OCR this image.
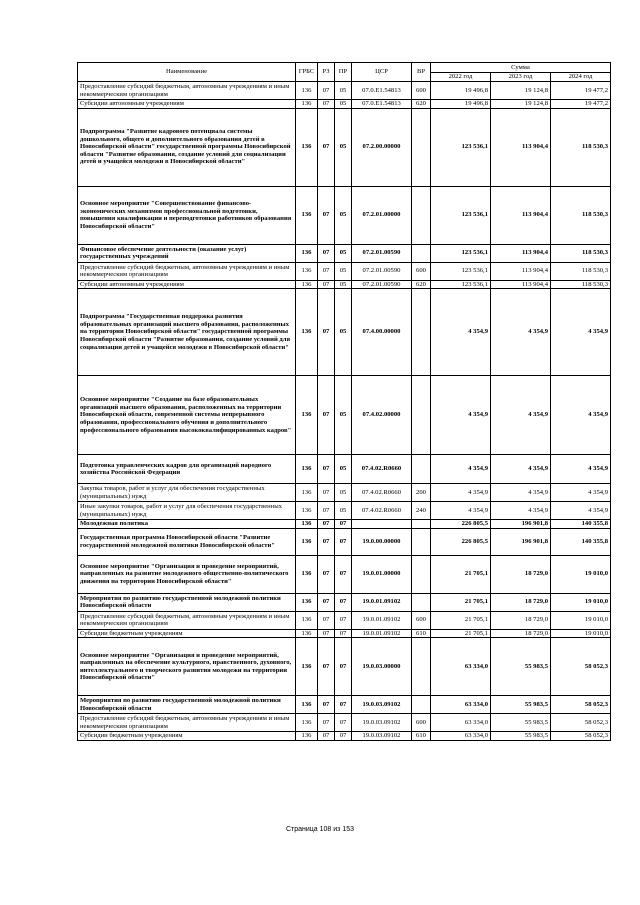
Наименование	ГРБС	РЗ	ПР	ЦСР	ВР	Сумма		
						2022 год	2023 год	2024 год
Предоставление субсидий бюджетным, автономным учреждениям и иным некоммерческим организациям	136	07	05	07.0.E1.54813	600	19 496,8	19 124,8	19 477,2
Субсидии автономным учреждениям	136	07	05	07.0.E1.54813	620	19 496,8	19 124,8	19 477,2
Подпрограмма "Развитие кадрового потенциала системы дошкольного, общего и дополнительного образования детей в Новосибирской области" государственной программы Новосибирской области "Развитие образования, создание условий для социализации детей и учащейся молодежи в Новосибирской области"	136	07	05	07.2.00.00000		123 536,1	113 904,4	118 530,3
Основное мероприятие "Совершенствование финансово-экономических механизмов профессиональной подготовки, повышения квалификации и переподготовки работников образования Новосибирской области"	136	07	05	07.2.01.00000		123 536,1	113 904,4	118 530,3
Финансовое обеспечение деятельности (оказание услуг) государственных учреждений	136	07	05	07.2.01.00590		123 536,1	113 904,4	118 530,3
Предоставление субсидий бюджетным, автономным учреждениям и иным некоммерческим организациям	136	07	05	07.2.01.00590	600	123 536,1	113 904,4	118 530,3
Субсидии автономным учреждениям	136	07	05	07.2.01.00590	620	123 536,1	113 904,4	118 530,3
Подпрограмма "Государственная поддержка развития образовательных организаций высшего образования, расположенных на территории Новосибирской области" государственной программы Новосибирской области "Развитие образования, создание условий для социализации детей и учащейся молодежи в Новосибирской области"	136	07	05	07.4.00.00000		4 354,9	4 354,9	4 354,9
Основное мероприятие "Создание на базе образовательных организаций высшего образования, расположенных на территории Новосибирской области, современной системы непрерывного образования, профессионального обучения и дополнительного профессионального образования высококвалифицированных кадров"	136	07	05	07.4.02.00000		4 354,9	4 354,9	4 354,9
Подготовка управленческих кадров для организаций народного хозяйства Российской Федерации	136	07	05	07.4.02.R0660		4 354,9	4 354,9	4 354,9
Закупка товаров, работ и услуг для обеспечения государственных (муниципальных) нужд	136	07	05	07.4.02.R0660	200	4 354,9	4 354,9	4 354,9
Иные закупки товаров, работ и услуг для обеспечения государственных (муниципальных) нужд	136	07	05	07.4.02.R0660	240	4 354,9	4 354,9	4 354,9
Молодежная политика	136	07	07			226 805,5	196 901,8	140 355,8
Государственная программа Новосибирской области "Развитие государственной молодежной политики Новосибирской области"	136	07	07	19.0.00.00000		226 805,5	196 901,8	140 355,8
Основное мероприятие "Организация и проведение мероприятий, направленных на развитие молодежного общественно-политического движения на территории Новосибирской области"	136	07	07	19.0.01.00000		21 705,1	18 729,0	19 010,0
Мероприятия по развитию государственной молодежной политики Новосибирской области	136	07	07	19.0.01.09102		21 705,1	18 729,0	19 010,0
Предоставление субсидий бюджетным, автономным учреждениям и иным некоммерческим организациям	136	07	07	19.0.01.09102	600	21 705,1	18 729,0	19 010,0
Субсидии бюджетным учреждениям	136	07	07	19.0.01.09102	610	21 705,1	18 729,0	19 010,0
Основное мероприятие "Организация и проведение мероприятий, направленных на обеспечение культурного, нравственного, духовного, интеллектуального и творческого развития молодежи на территории Новосибирской области"	136	07	07	19.0.03.00000		63 334,0	55 983,5	58 052,3
Мероприятия по развитию государственной молодежной политики Новосибирской области	136	07	07	19.0.03.09102		63 334,0	55 983,5	58 052,3
Предоставление субсидий бюджетным, автономным учреждениям и иным некоммерческим организациям	136	07	07	19.0.03.09102	600	63 334,0	55 983,5	58 052,3
Субсидии бюджетным учреждениям	136	07	07	19.0.03.09102	610	63 334,0	55 983,5	58 052,3
Страница 108 из 153
